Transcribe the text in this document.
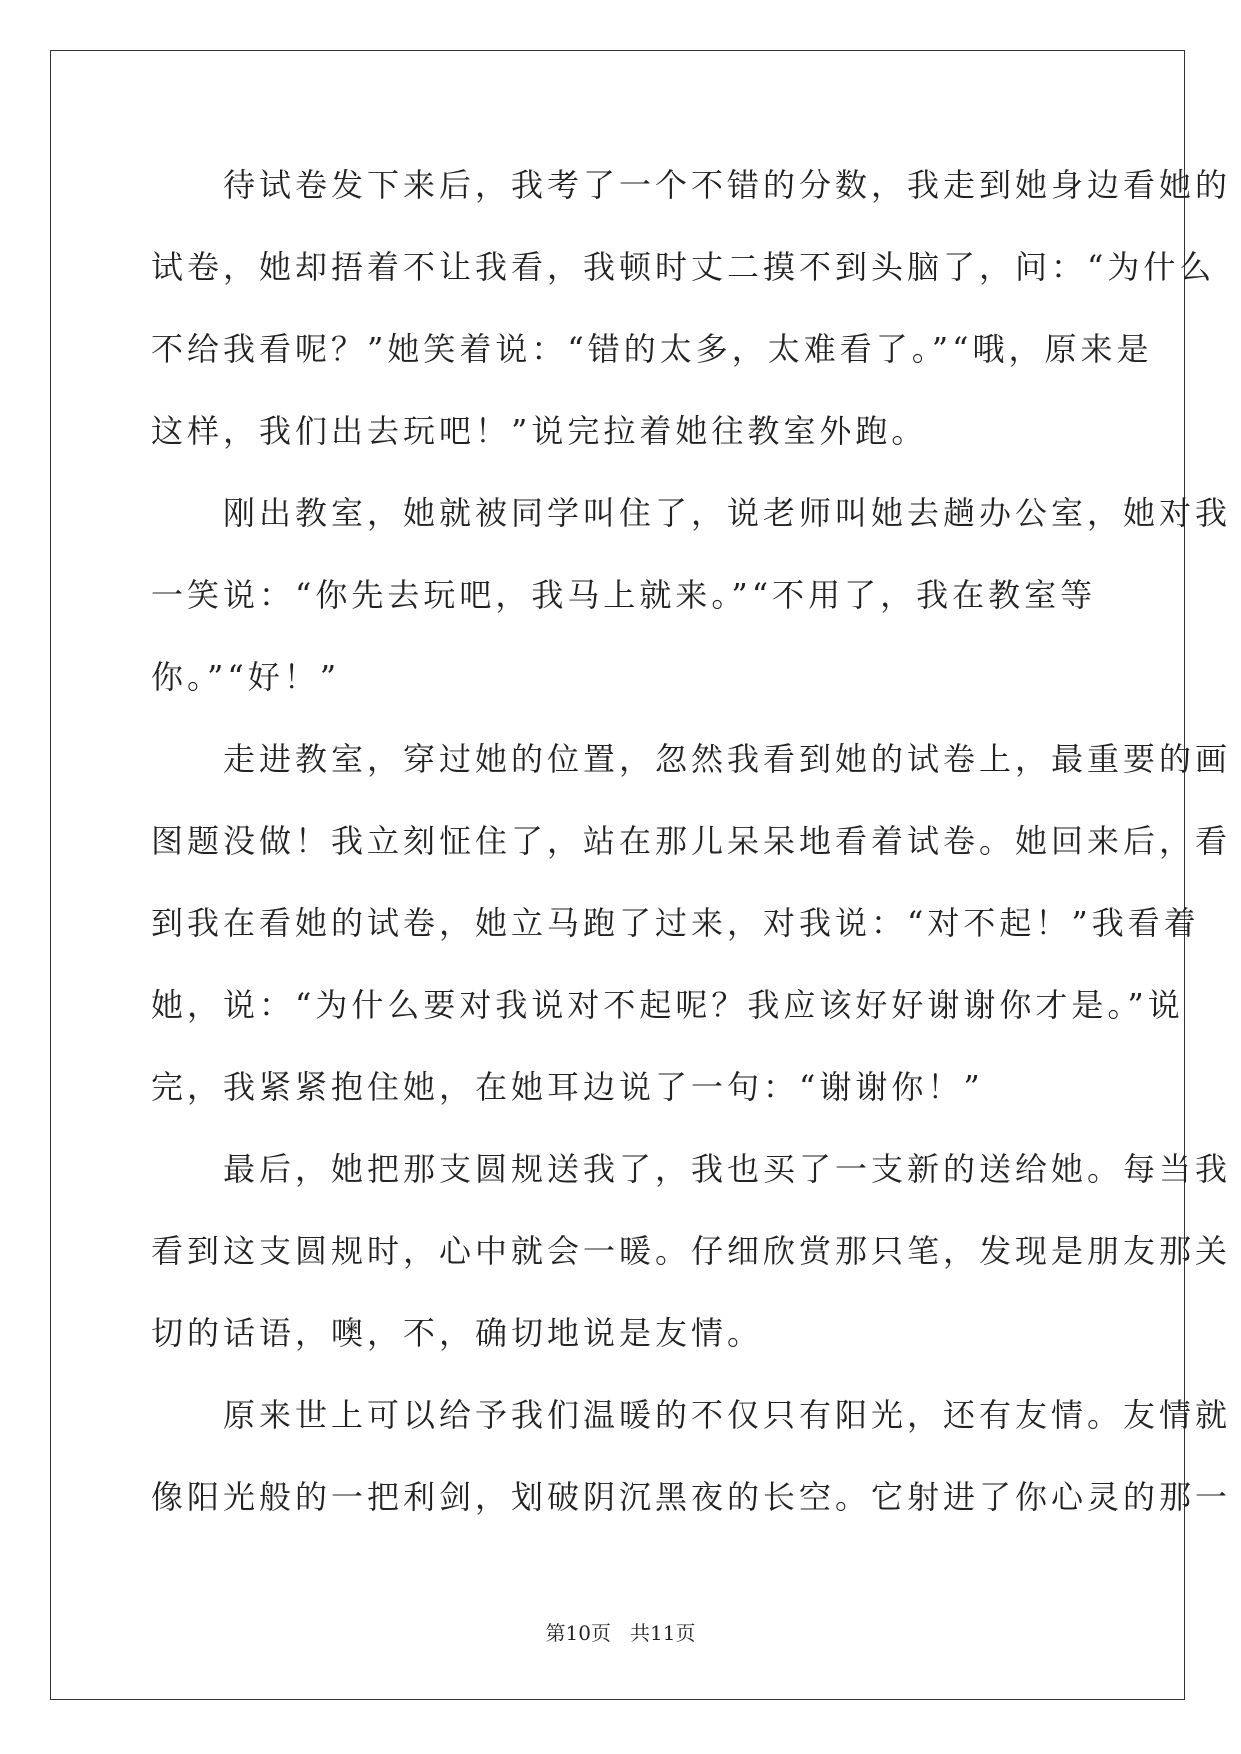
　　待试卷发下来后，我考了一个不错的分数，我走到她身边看她的
试卷，她却捂着不让我看，我顿时丈二摸不到头脑了，问：“为什么
不给我看呢？”她笑着说：“错的太多，太难看了。”“哦，原来是
这样，我们出去玩吧！”说完拉着她往教室外跑。
　　刚出教室，她就被同学叫住了，说老师叫她去趟办公室，她对我
一笑说：“你先去玩吧，我马上就来。”“不用了，我在教室等
你。”“好！”
　　走进教室，穿过她的位置，忽然我看到她的试卷上，最重要的画
图题没做！我立刻怔住了，站在那儿呆呆地看着试卷。她回来后，看
到我在看她的试卷，她立马跑了过来，对我说：“对不起！”我看着
她，说：“为什么要对我说对不起呢？我应该好好谢谢你才是。”说
完，我紧紧抱住她，在她耳边说了一句：“谢谢你！”
　　最后，她把那支圆规送我了，我也买了一支新的送给她。每当我
看到这支圆规时，心中就会一暖。仔细欣赏那只笔，发现是朋友那关
切的话语，噢，不，确切地说是友情。
　　原来世上可以给予我们温暖的不仅只有阳光，还有友情。友情就
像阳光般的一把利剑，划破阴沉黑夜的长空。它射进了你心灵的那一
第10页 共11页
